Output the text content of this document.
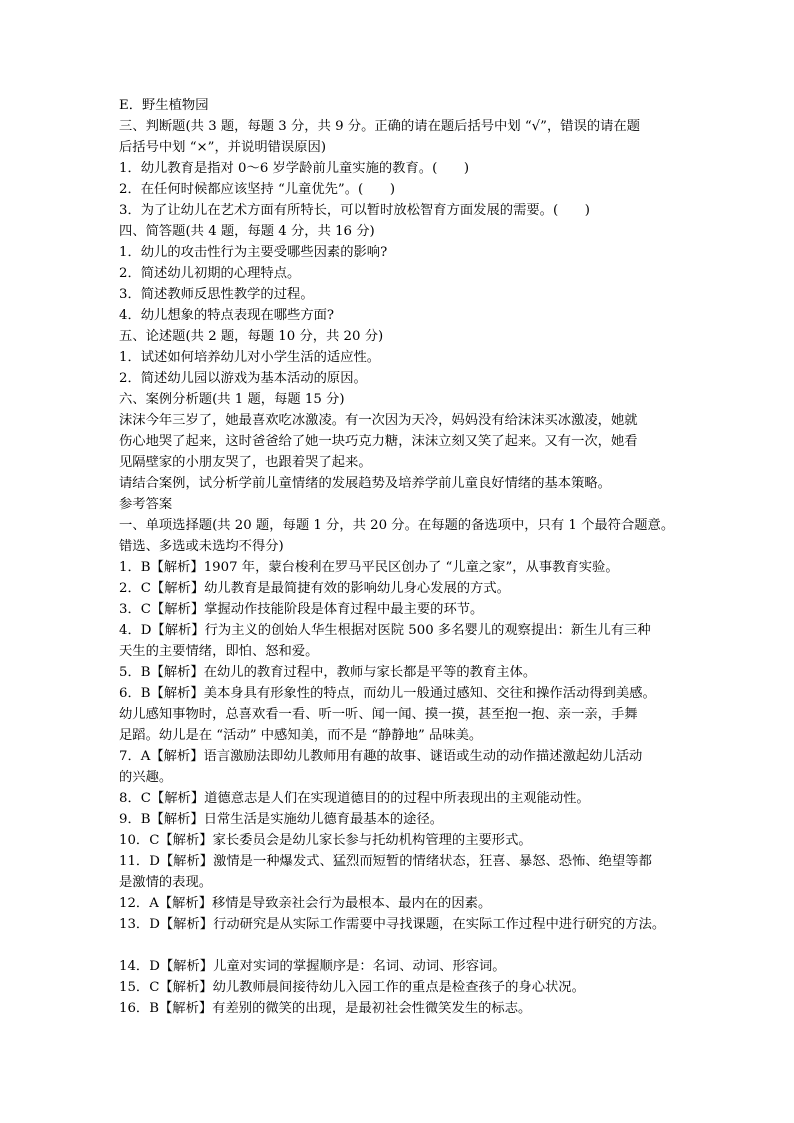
E．野生植物园
三、判断题(共 3 题，每题 3 分，共 9 分。正确的请在题后括号中划 “√”，错误的请在题
后括号中划 “×”，并说明错误原因)
1．幼儿教育是指对 0～6 岁学龄前儿童实施的教育。(　　)
2．在任何时候都应该坚持 “儿童优先”。(　　)
3．为了让幼儿在艺术方面有所特长，可以暂时放松智育方面发展的需要。(　　)
四、简答题(共 4 题，每题 4 分，共 16 分)
1．幼儿的攻击性行为主要受哪些因素的影响?
2．简述幼儿初期的心理特点。
3．简述教师反思性教学的过程。
4．幼儿想象的特点表现在哪些方面?
五、论述题(共 2 题，每题 10 分，共 20 分)
1．试述如何培养幼儿对小学生活的适应性。
2．简述幼儿园以游戏为基本活动的原因。
六、案例分析题(共 1 题，每题 15 分)
沫沫今年三岁了，她最喜欢吃冰激凌。有一次因为天冷，妈妈没有给沫沫买冰激凌，她就
伤心地哭了起来，这时爸爸给了她一块巧克力糖，沫沫立刻又笑了起来。又有一次，她看
见隔壁家的小朋友哭了，也跟着哭了起来。
请结合案例，试分析学前儿童情绪的发展趋势及培养学前儿童良好情绪的基本策略。
参考答案
一、单项选择题(共 20 题，每题 1 分，共 20 分。在每题的备选项中，只有 1 个最符合题意。
错选、多选或未选均不得分)
1．B【解析】1907 年，蒙台梭利在罗马平民区创办了 “儿童之家”，从事教育实验。
2．C【解析】幼儿教育是最简捷有效的影响幼儿身心发展的方式。
3．C【解析】掌握动作技能阶段是体育过程中最主要的环节。
4．D【解析】行为主义的创始人华生根据对医院 500 多名婴儿的观察提出：新生儿有三种
天生的主要情绪，即怕、怒和爱。
5．B【解析】在幼儿的教育过程中，教师与家长都是平等的教育主体。
6．B【解析】美本身具有形象性的特点，而幼儿一般通过感知、交往和操作活动得到美感。
幼儿感知事物时，总喜欢看一看、听一听、闻一闻、摸一摸，甚至抱一抱、亲一亲，手舞
足蹈。幼儿是在 “活动” 中感知美，而不是 “静静地” 品味美。
7．A【解析】语言激励法即幼儿教师用有趣的故事、谜语或生动的动作描述激起幼儿活动
的兴趣。
8．C【解析】道德意志是人们在实现道德目的的过程中所表现出的主观能动性。
9．B【解析】日常生活是实施幼儿德育最基本的途径。
10．C【解析】家长委员会是幼儿家长参与托幼机构管理的主要形式。
11．D【解析】激情是一种爆发式、猛烈而短暂的情绪状态，狂喜、暴怒、恐怖、绝望等都
是激情的表现。
12．A【解析】移情是导致亲社会行为最根本、最内在的因素。
13．D【解析】行动研究是从实际工作需要中寻找课题，在实际工作过程中进行研究的方法。
14．D【解析】儿童对实词的掌握顺序是：名词、动词、形容词。
15．C【解析】幼儿教师晨间接待幼儿入园工作的重点是检查孩子的身心状况。
16．B【解析】有差别的微笑的出现，是最初社会性微笑发生的标志。
